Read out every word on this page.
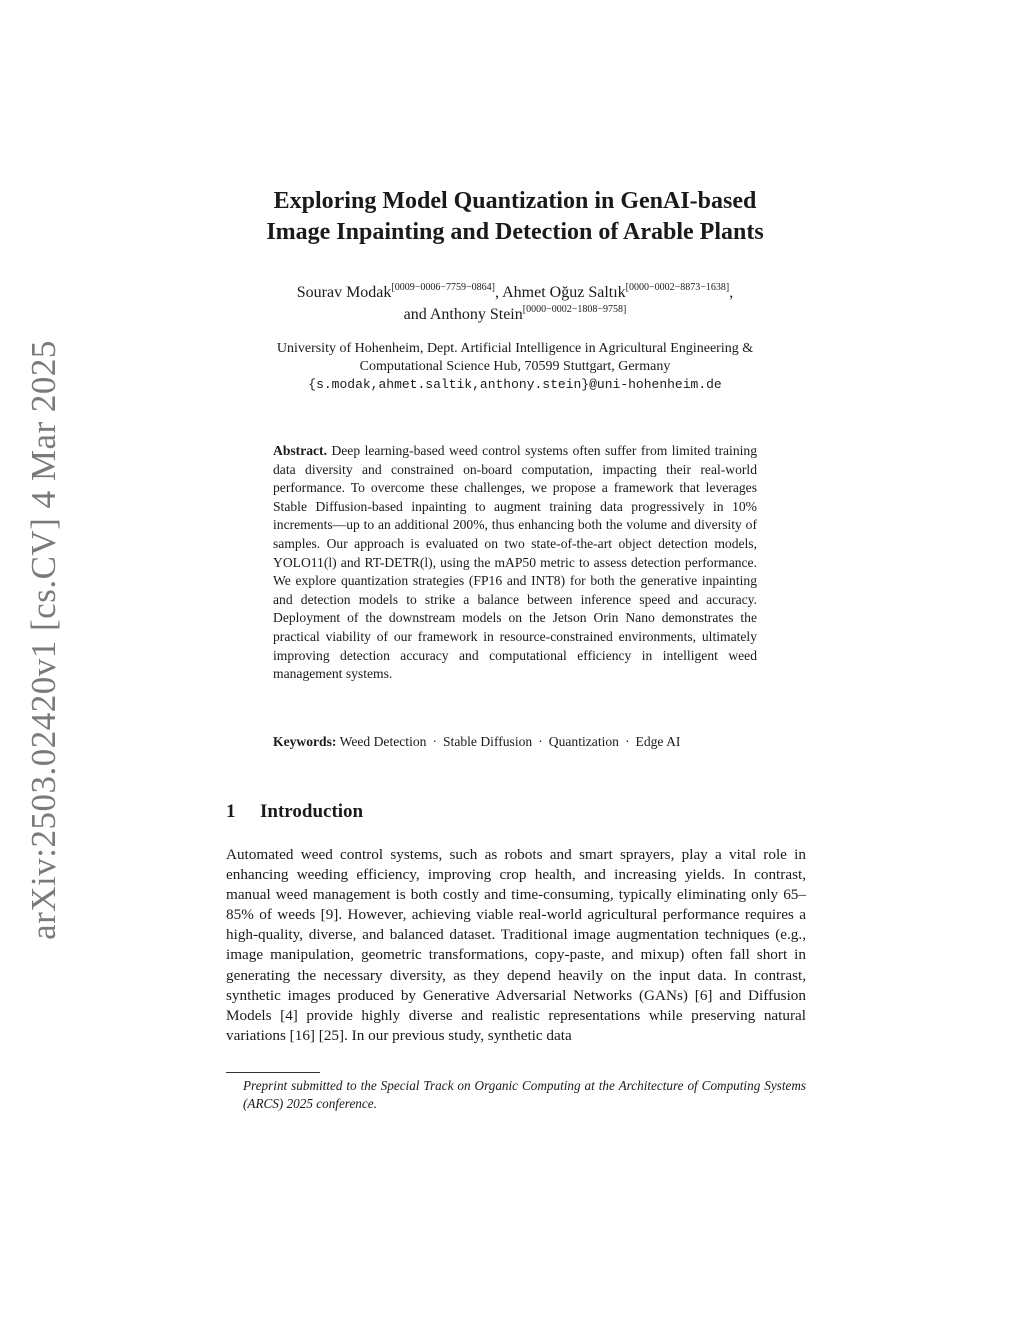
arXiv:2503.02420v1 [cs.CV] 4 Mar 2025
Exploring Model Quantization in GenAI-based
Image Inpainting and Detection of Arable Plants
Sourav Modak[0009−0006−7759−0864], Ahmet Oğuz Saltık[0000−0002−8873−1638],
and Anthony Stein[0000−0002−1808−9758]
University of Hohenheim, Dept. Artificial Intelligence in Agricultural Engineering &
Computational Science Hub, 70599 Stuttgart, Germany
{s.modak,ahmet.saltik,anthony.stein}@uni-hohenheim.de
Abstract. Deep learning-based weed control systems often suffer from limited training data diversity and constrained on-board computation, impacting their real-world performance. To overcome these challenges, we propose a framework that leverages Stable Diffusion-based inpainting to augment training data progressively in 10% increments—up to an additional 200%, thus enhancing both the volume and diversity of samples. Our approach is evaluated on two state-of-the-art object detection models, YOLO11(l) and RT-DETR(l), using the mAP50 metric to assess detection performance. We explore quantization strategies (FP16 and INT8) for both the generative inpainting and detection models to strike a balance between inference speed and accuracy. Deployment of the downstream models on the Jetson Orin Nano demonstrates the practical viability of our framework in resource-constrained environments, ultimately improving detection accuracy and computational efficiency in intelligent weed management systems.
Keywords: Weed Detection · Stable Diffusion · Quantization · Edge AI
1 Introduction
Automated weed control systems, such as robots and smart sprayers, play a vital role in enhancing weeding efficiency, improving crop health, and increasing yields. In contrast, manual weed management is both costly and time-consuming, typically eliminating only 65–85% of weeds [9]. However, achieving viable real-world agricultural performance requires a high-quality, diverse, and balanced dataset. Traditional image augmentation techniques (e.g., image manipulation, geometric transformations, copy-paste, and mixup) often fall short in generating the necessary diversity, as they depend heavily on the input data. In contrast, synthetic images produced by Generative Adversarial Networks (GANs) [6] and Diffusion Models [4] provide highly diverse and realistic representations while preserving natural variations [16] [25]. In our previous study, synthetic data
Preprint submitted to the Special Track on Organic Computing at the Architecture of Computing Systems (ARCS) 2025 conference.
